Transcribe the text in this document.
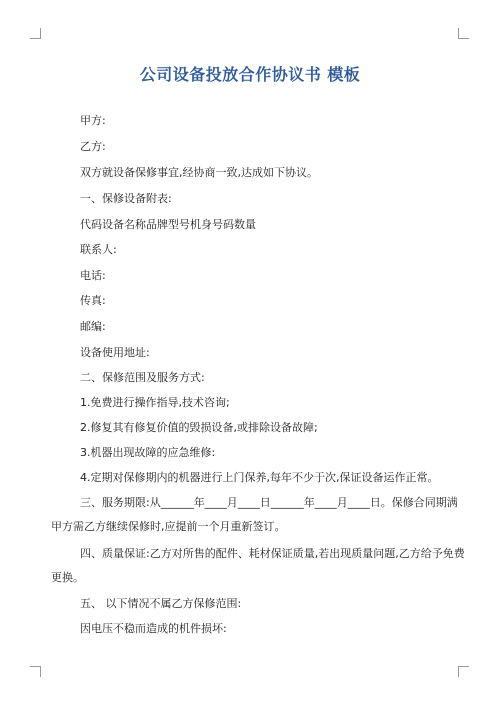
公司设备投放合作协议书 模板

甲方:

乙方:

双方就设备保修事宜,经协商一致,达成如下协议。

一、保修设备附表:

代码设备名称品牌型号机身号码数量

联系人:

电话:

传真:

邮编:

设备使用地址:

二、保修范围及服务方式:

1.免费进行操作指导,技术咨询;

2.修复其有修复价值的毁损设备,或排除设备故障;

3.机器出现故障的应急维修:

4.定期对保修期内的机器进行上门保养,每年不少于次,保证设备运作正常。

三、服务期限:从______年____月____日______年____月____日。保修合同期满

甲方需乙方继续保修时,应提前一个月重新签订。

四、质量保证:乙方对所售的配件、耗材保证质量,若出现质量问题,乙方给予免费

更换。

五、 以下情况不属乙方保修范围:

因电压不稳而造成的机件损坏:
